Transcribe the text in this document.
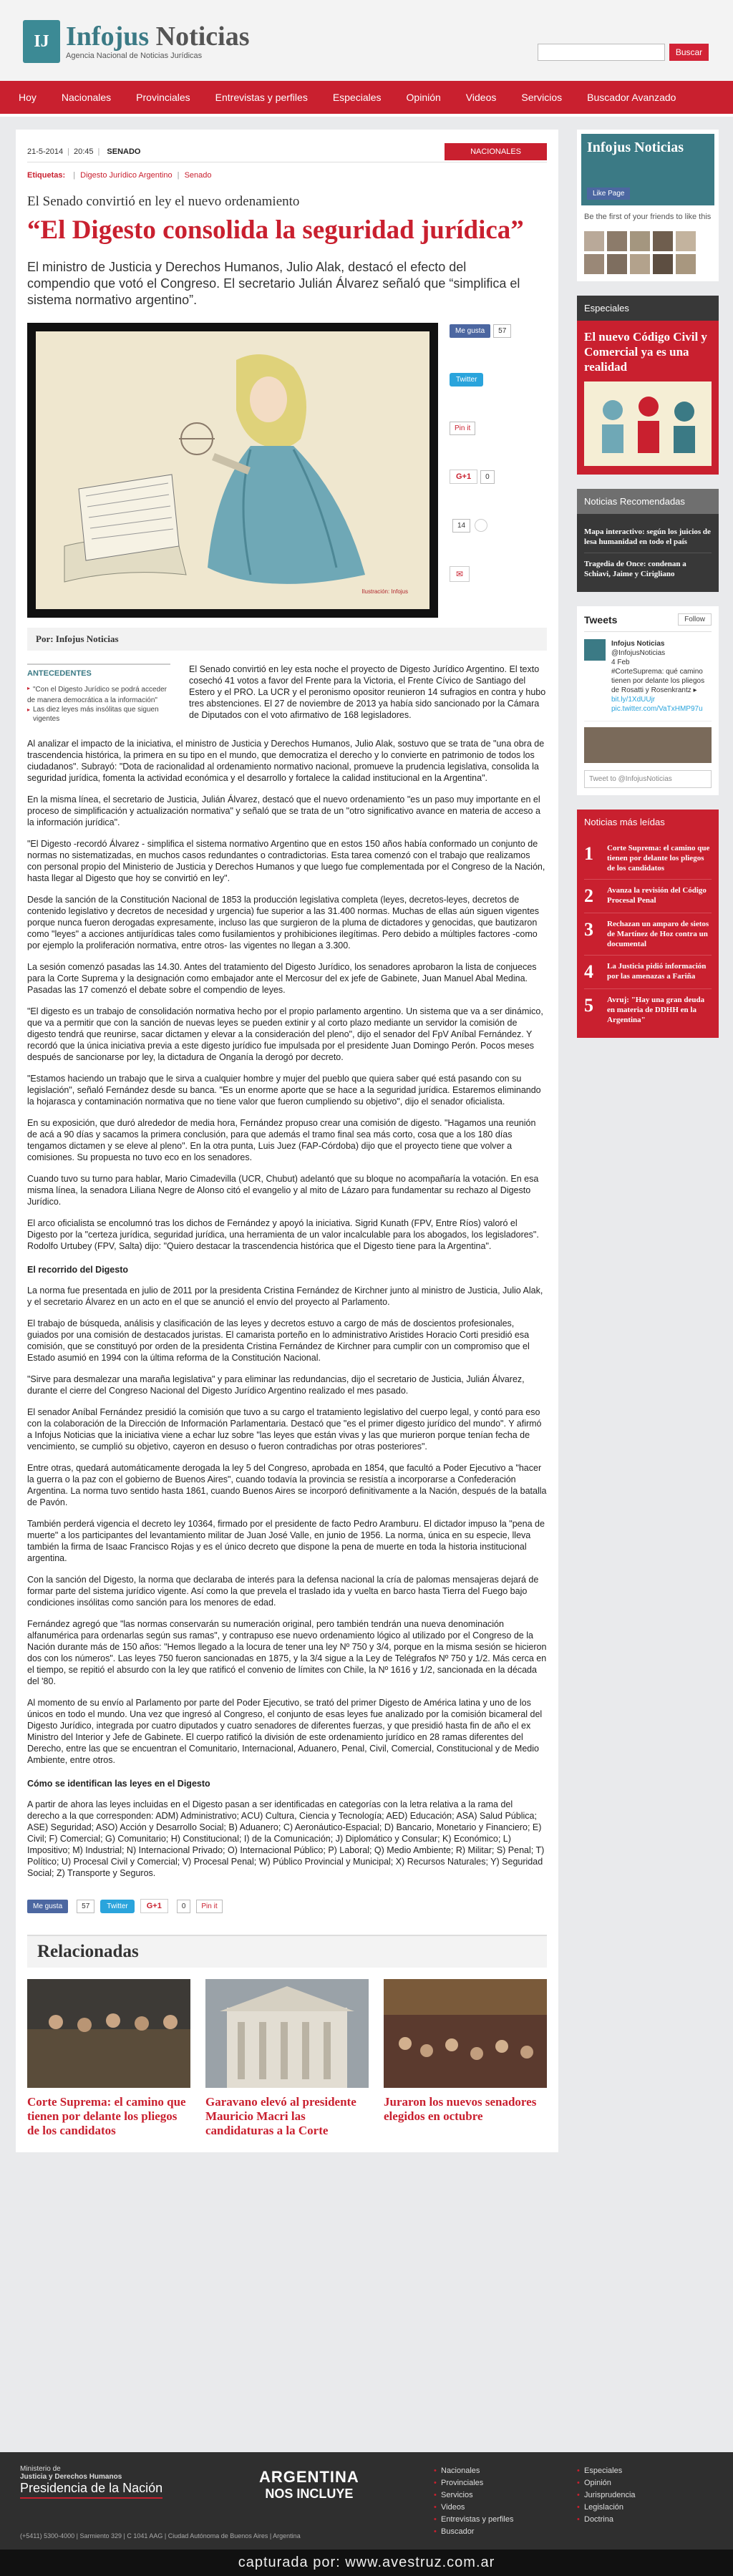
IJ Infojus Noticias
Agencia Nacional de Noticias Jurídicas	Buscar
Hoy	Nacionales	Provinciales	Entrevistas y perfiles	Especiales	Opinión	Videos	Servicios	Buscador Avanzado
21-5-2014 | 20:45 | SENADO	NACIONALES
Etiquetas: | Digesto Jurídico Argentino | Senado
El Senado convirtió en ley el nuevo ordenamiento
“El Digesto consolida la seguridad jurídica”
El ministro de Justicia y Derechos Humanos, Julio Alak, destacó el efecto del compendio que votó el Congreso. El secretario Julián Álvarez señaló que “simplifica el sistema normativo argentino”.
Ilustración: Infojus
Me gusta	57
Twitter
Pin it
G+1	0
14
✉
Por: Infojus Noticias
ANTECEDENTES
▸ "Con el Digesto Jurídico se podrá acceder de manera democrática a la información"
▸ Las diez leyes más insólitas que siguen vigentes
El Senado convirtió en ley esta noche el proyecto de Digesto Jurídico Argentino. El texto cosechó 41 votos a favor del Frente para la Victoria, el Frente Cívico de Santiago del Estero y el PRO. La UCR y el peronismo opositor reunieron 14 sufragios en contra y hubo tres abstenciones. El 27 de noviembre de 2013 ya había sido sancionado por la Cámara de Diputados con el voto afirmativo de 168 legisladores.

Al analizar el impacto de la iniciativa, el ministro de Justicia y Derechos Humanos, Julio Alak, sostuvo que se trata de "una obra de trascendencia histórica, la primera en su tipo en el mundo, que democratiza el derecho y lo convierte en patrimonio de todos los ciudadanos". Subrayó: "Dota de racionalidad al ordenamiento normativo nacional, promueve la prudencia legislativa, consolida la seguridad jurídica, fomenta la actividad económica y el desarrollo y fortalece la calidad institucional en la Argentina".

En la misma línea, el secretario de Justicia, Julián Álvarez, destacó que el nuevo ordenamiento "es un paso muy importante en el proceso de simplificación y actualización normativa" y señaló que se trata de un "otro significativo avance en materia de acceso a la información jurídica".

"El Digesto -recordó Álvarez - simplifica el sistema normativo Argentino que en estos 150 años había conformado un conjunto de normas no sistematizadas, en muchos casos redundantes o contradictorias. Esta tarea comenzó con el trabajo que realizamos con personal propio del Ministerio de Justicia y Derechos Humanos y que luego fue complementada por el Congreso de la Nación, hasta llegar al Digesto que hoy se convirtió en ley".

Desde la sanción de la Constitución Nacional de 1853 la producción legislativa completa (leyes, decretos-leyes, decretos de contenido legislativo y decretos de necesidad y urgencia) fue superior a las 31.400 normas. Muchas de ellas aún siguen vigentes porque nunca fueron derogadas expresamente, incluso las que surgieron de la pluma de dictadores y genocidas, que bautizaron como "leyes" a acciones antijurídicas tales como fusilamientos y prohibiciones ilegítimas. Pero debido a múltiples factores -como por ejemplo la proliferación normativa, entre otros- las vigentes no llegan a 3.300.

La sesión comenzó pasadas las 14.30. Antes del tratamiento del Digesto Jurídico, los senadores aprobaron la lista de conjueces para la Corte Suprema y la designación como embajador ante el Mercosur del ex jefe de Gabinete, Juan Manuel Abal Medina. Pasadas las 17 comenzó el debate sobre el compendio de leyes.

"El digesto es un trabajo de consolidación normativa hecho por el propio parlamento argentino. Un sistema que va a ser dinámico, que va a permitir que con la sanción de nuevas leyes se pueden extinir y al corto plazo mediante un servidor la comisión de digesto tendrá que reunirse, sacar dictamen y elevar a la consideración del pleno", dijo el senador del FpV Aníbal Fernández. Y recordó que la única iniciativa previa a este digesto jurídico fue impulsada por el presidente Juan Domingo Perón. Pocos meses después de sancionarse por ley, la dictadura de Onganía la derogó por decreto.

"Estamos haciendo un trabajo que le sirva a cualquier hombre y mujer del pueblo que quiera saber qué está pasando con su legislación", señaló Fernández desde su banca. "Es un enorme aporte que se hace a la seguridad jurídica. Estaremos eliminando la hojarasca y contaminación normativa que no tiene valor que fueron cumpliendo su objetivo", dijo el senador oficialista.

En su exposición, que duró alrededor de media hora, Fernández propuso crear una comisión de digesto. "Hagamos una reunión de acá a 90 días y sacamos la primera conclusión, para que además el tramo final sea más corto, cosa que a los 180 días tengamos dictamen y se eleve al pleno". En la otra punta, Luis Juez (FAP-Córdoba) dijo que el proyecto tiene que volver a comisiones. Su propuesta no tuvo eco en los senadores.

Cuando tuvo su turno para hablar, Mario Cimadevilla (UCR, Chubut) adelantó que su bloque no acompañaría la votación. En esa misma línea, la senadora Liliana Negre de Alonso citó el evangelio y al mito de Lázaro para fundamentar su rechazo al Digesto Jurídico.

El arco oficialista se encolumnó tras los dichos de Fernández y apoyó la iniciativa. Sigrid Kunath (FPV, Entre Ríos) valoró el Digesto por la "certeza jurídica, seguridad jurídica, una herramienta de un valor incalculable para los abogados, los legisladores". Rodolfo Urtubey (FPV, Salta) dijo: "Quiero destacar la trascendencia histórica que el Digesto tiene para la Argentina".

El recorrido del Digesto

La norma fue presentada en julio de 2011 por la presidenta Cristina Fernández de Kirchner junto al ministro de Justicia, Julio Alak, y el secretario Álvarez en un acto en el que se anunció el envío del proyecto al Parlamento.

El trabajo de búsqueda, análisis y clasificación de las leyes y decretos estuvo a cargo de más de doscientos profesionales, guiados por una comisión de destacados juristas. El camarista porteño en lo administrativo Aristides Horacio Corti presidió esa comisión, que se constituyó por orden de la presidenta Cristina Fernández de Kirchner para cumplir con un compromiso que el Estado asumió en 1994 con la última reforma de la Constitución Nacional.

"Sirve para desmalezar una maraña legislativa" y para eliminar las redundancias, dijo el secretario de Justicia, Julián Álvarez, durante el cierre del Congreso Nacional del Digesto Jurídico Argentino realizado el mes pasado.

El senador Aníbal Fernández presidió la comisión que tuvo a su cargo el tratamiento legislativo del cuerpo legal, y contó para eso con la colaboración de la Dirección de Información Parlamentaria. Destacó que "es el primer digesto jurídico del mundo". Y afirmó a Infojus Noticias que la iniciativa viene a echar luz sobre "las leyes que están vivas y las que murieron porque tenían fecha de vencimiento, se cumplió su objetivo, cayeron en desuso o fueron contradichas por otras posteriores".

Entre otras, quedará automáticamente derogada la ley 5 del Congreso, aprobada en 1854, que facultó a Poder Ejecutivo a "hacer la guerra o la paz con el gobierno de Buenos Aires", cuando todavía la provincia se resistía a incorporarse a Confederación Argentina. La norma tuvo sentido hasta 1861, cuando Buenos Aires se incorporó definitivamente a la Nación, después de la batalla de Pavón.

También perderá vigencia el decreto ley 10364, firmado por el presidente de facto Pedro Aramburu. El dictador impuso la "pena de muerte" a los participantes del levantamiento militar de Juan José Valle, en junio de 1956. La norma, única en su especie, lleva también la firma de Isaac Francisco Rojas y es el único decreto que dispone la pena de muerte en toda la historia institucional argentina.

Con la sanción del Digesto, la norma que declaraba de interés para la defensa nacional la cría de palomas mensajeras dejará de formar parte del sistema jurídico vigente. Así como la que prevela el traslado ida y vuelta en barco hasta Tierra del Fuego bajo condiciones insólitas como sanción para los menores de edad.

Fernández agregó que "las normas conservarán su numeración original, pero también tendrán una nueva denominación alfanumérica para ordenarlas según sus ramas", y contrapuso ese nuevo ordenamiento lógico al utilizado por el Congreso de la Nación durante más de 150 años: "Hemos llegado a la locura de tener una ley Nº 750 y 3/4, porque en la misma sesión se hicieron dos con los números". Las leyes 750 fueron sancionadas en 1875, y la 3/4 sigue a la Ley de Telégrafos Nº 750 y 1/2. Más cerca en el tiempo, se repitió el absurdo con la ley que ratificó el convenio de límites con Chile, la Nº 1616 y 1/2, sancionada en la década del '80.

Al momento de su envío al Parlamento por parte del Poder Ejecutivo, se trató del primer Digesto de América latina y uno de los únicos en todo el mundo. Una vez que ingresó al Congreso, el conjunto de esas leyes fue analizado por la comisión bicameral del Digesto Jurídico, integrada por cuatro diputados y cuatro senadores de diferentes fuerzas, y que presidió hasta fin de año el ex Ministro del Interior y Jefe de Gabinete. El cuerpo ratificó la división de este ordenamiento jurídico en 28 ramas diferentes del Derecho, entre las que se encuentran el Comunitario, Internacional, Aduanero, Penal, Civil, Comercial, Constitucional y de Medio Ambiente, entre otros.

Cómo se identifican las leyes en el Digesto

A partir de ahora las leyes incluidas en el Digesto pasan a ser identificadas en categorías con la letra relativa a la rama del derecho a la que corresponden: ADM) Administrativo; ACU) Cultura, Ciencia y Tecnología; AED) Educación; ASA) Salud Pública; ASE) Seguridad; ASO) Acción y Desarrollo Social; B) Aduanero; C) Aeronáutico-Espacial; D) Bancario, Monetario y Financiero; E) Civil; F) Comercial; G) Comunitario; H) Constitucional; I) de la Comunicación; J) Diplomático y Consular; K) Económico; L) Impositivo; M) Industrial; N) Internacional Privado; O) Internacional Público; P) Laboral; Q) Medio Ambiente; R) Militar; S) Penal; T) Político; U) Procesal Civil y Comercial; V) Procesal Penal; W) Público Provincial y Municipal; X) Recursos Naturales; Y) Seguridad Social; Z) Transporte y Seguros.

Me gusta	57	Twitter	G+1	0	Pin it
Relacionadas
Corte Suprema: el camino que tienen por delante los pliegos de los candidatos
Garavano elevó al presidente Mauricio Macri las candidaturas a la Corte
Juraron los nuevos senadores elegidos en octubre
Infojus Noticias
Like Page
Be the first of your friends to like this
Especiales
El nuevo Código Civil y Comercial ya es una realidad
Noticias Recomendadas
Mapa interactivo: según los juicios de lesa humanidad en todo el país
Tragedia de Once: condenan a Schiavi, Jaime y Cirigliano
Tweets	Follow
Infojus Noticias
@InfojusNoticias
4 Feb
#CorteSuprema: qué camino tienen por delante los pliegos de Rosatti y Rosenkrantz ▸
bit.ly/1XdUUjr pic.twitter.com/VaTxHMP97u
Tweet to @InfojusNoticias
Noticias más leídas
1	Corte Suprema: el camino que tienen por delante los pliegos de los candidatos
2	Avanza la revisión del Código Procesal Penal
3	Rechazan un amparo de sietos de Martínez de Hoz contra un documental
4	La Justicia pidió información por las amenazas a Fariña
5	Avruj: "Hay una gran deuda en materia de DDHH en la Argentina"
Ministerio de
Justicia y Derechos Humanos
Presidencia de la Nación
ARGENTINA
NOS INCLUYE
• Nacionales
• Provinciales
• Servicios
• Videos
• Entrevistas y perfiles
• Buscador
• Especiales
• Opinión
• Jurisprudencia
• Legislación
• Doctrina
(+5411) 5300-4000 | Sarmiento 329 | C 1041 AAG | Ciudad Autónoma de Buenos Aires | Argentina
capturada por: www.avestruz.com.ar
